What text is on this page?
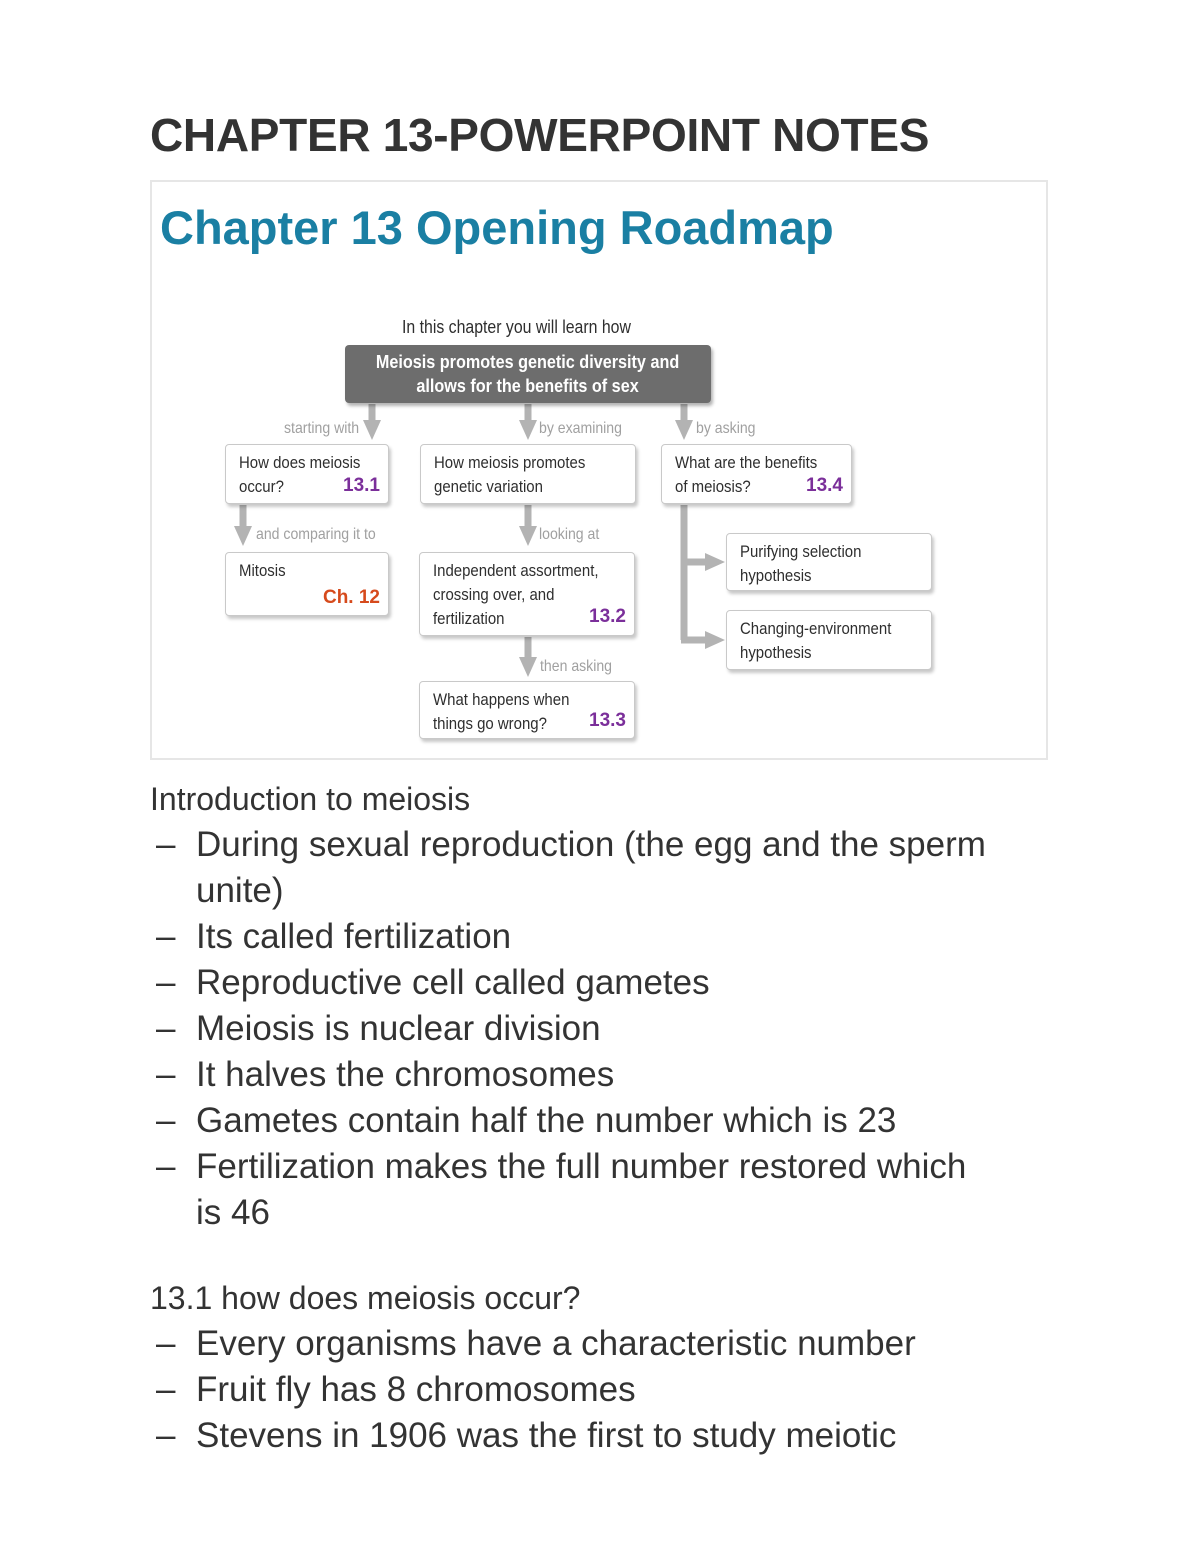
CHAPTER 13-POWERPOINT NOTES
Chapter 13 Opening Roadmap
In this chapter you will learn how
Meiosis promotes genetic diversity and
allows for the benefits of sex
starting with	by examining	by asking
and comparing it to	looking at
then asking
How does meiosis
occur?	13.1
Mitosis
Ch. 12
How meiosis promotes
genetic variation
Independent assortment,
crossing over, and
fertilization	13.2
What happens when
things go wrong?	13.3
What are the benefits
of meiosis?	13.4
Purifying selection
hypothesis
Changing-environment
hypothesis
Introduction to meiosis
– During sexual reproduction (the egg and the sperm
unite)
– Its called fertilization
– Reproductive cell called gametes
– Meiosis is nuclear division
– It halves the chromosomes
– Gametes contain half the number which is 23
– Fertilization makes the full number restored which
is 46
13.1 how does meiosis occur?
– Every organisms have a characteristic number
– Fruit fly has 8 chromosomes
– Stevens in 1906 was the first to study meiotic
